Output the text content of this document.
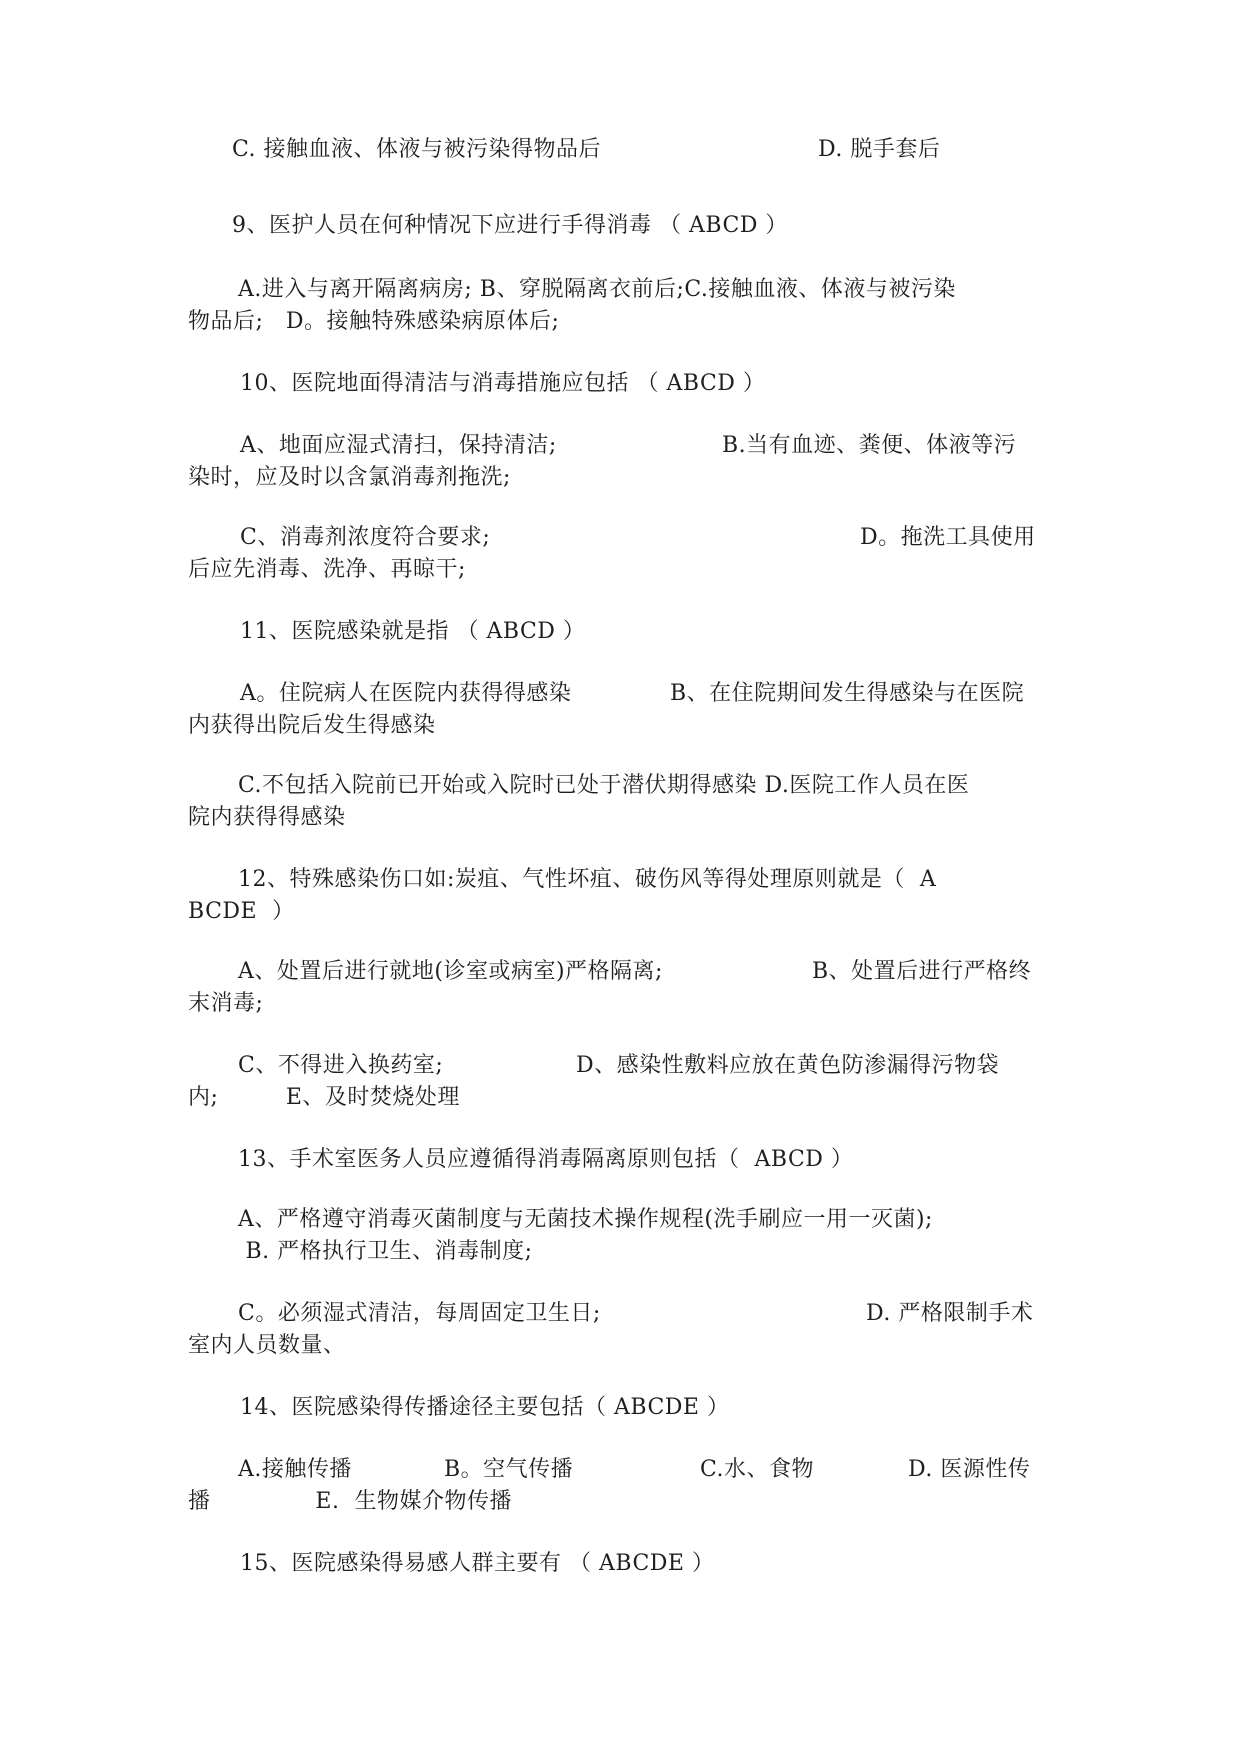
C. 接触血液、体液与被污染得物品后	D. 脱手套后
9、医护人员在何种情况下应进行手得消毒 （ ABCD ）
A.进入与离开隔离病房; B、穿脱隔离衣前后;C.接触血液、体液与被污染
物品后;   D。接触特殊感染病原体后;
10、医院地面得清洁与消毒措施应包括 （ ABCD ）
A、地面应湿式清扫，保持清洁;	B.当有血迹、粪便、体液等污
染时，应及时以含氯消毒剂拖洗;
C、消毒剂浓度符合要求;	D。拖洗工具使用
后应先消毒、洗净、再晾干;
11、医院感染就是指 （ ABCD ）
A。住院病人在医院内获得得感染	B、在住院期间发生得感染与在医院
内获得出院后发生得感染
C.不包括入院前已开始或入院时已处于潜伏期得感染 D.医院工作人员在医
院内获得得感染
12、特殊感染伤口如:炭疽、气性坏疽、破伤风等得处理原则就是（  A
BCDE  ）
A、处置后进行就地(诊室或病室)严格隔离;	B、处置后进行严格终
末消毒;
C、不得进入换药室;	D、感染性敷料应放在黄色防渗漏得污物袋
内;         E、及时焚烧处理
13、手术室医务人员应遵循得消毒隔离原则包括（  ABCD ）
A、严格遵守消毒灭菌制度与无菌技术操作规程(洗手刷应一用一灭菌);
B. 严格执行卫生、消毒制度;
C。必须湿式清洁，每周固定卫生日;	D. 严格限制手术
室内人员数量、
14、医院感染得传播途径主要包括（ ABCDE ）
A.接触传播	B。空气传播	C.水、食物	D. 医源性传
播              E.  生物媒介物传播
15、医院感染得易感人群主要有 （ ABCDE ）
